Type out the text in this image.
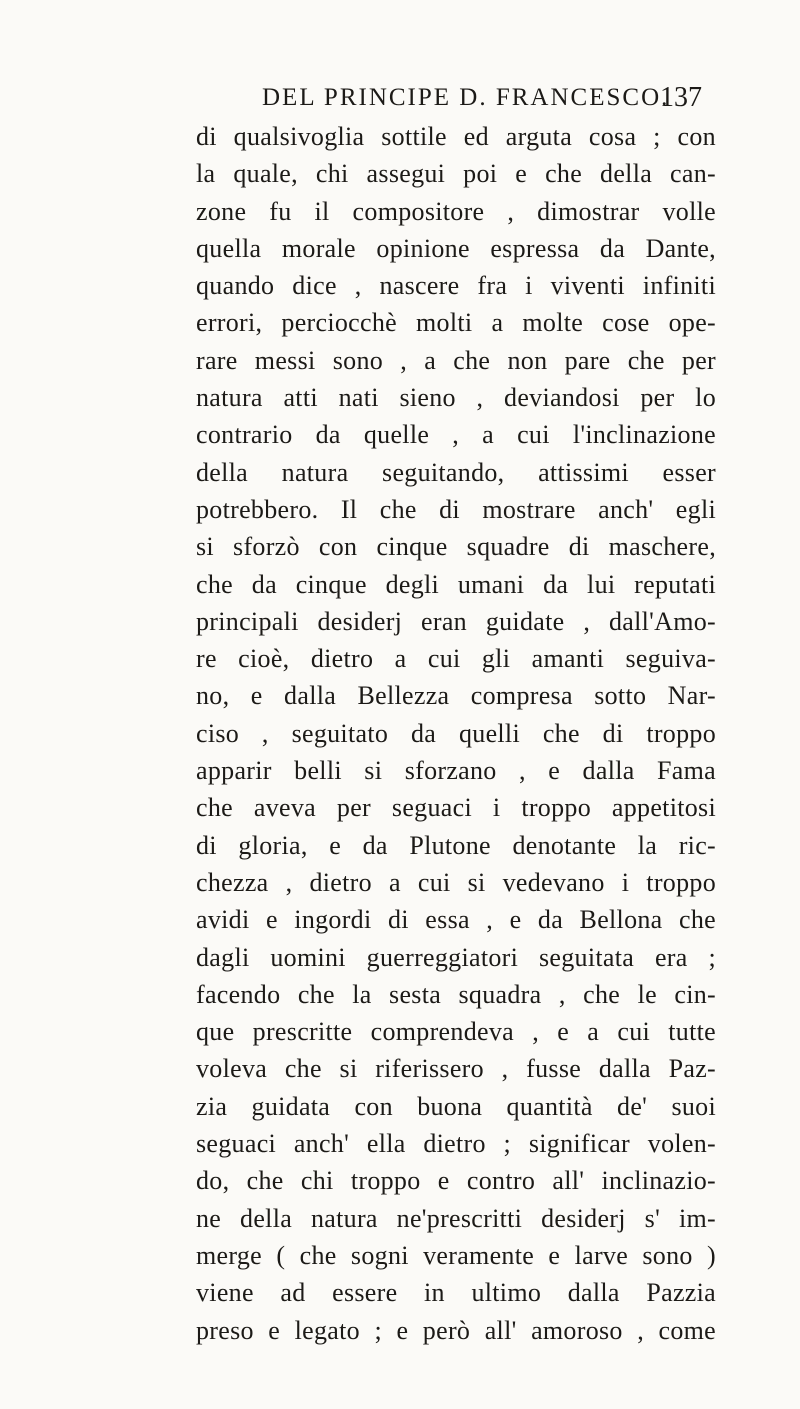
DEL PRINCIPE D. FRANCESCO.
137
di qualsivoglia sottile ed arguta cosa ; con
la quale, chi assegui poi e che della can-
zone fu il compositore , dimostrar volle
quella morale opinione espressa da Dante,
quando dice , nascere fra i viventi infiniti
errori, perciocchè molti a molte cose ope-
rare messi sono , a che non pare che per
natura atti nati sieno , deviandosi per lo
contrario da quelle , a cui l'inclinazione
della natura seguitando, attissimi esser
potrebbero. Il che di mostrare anch' egli
si sforzò con cinque squadre di maschere,
che da cinque degli umani da lui reputati
principali desiderj eran guidate , dall'Amo-
re cioè, dietro a cui gli amanti seguiva-
no, e dalla Bellezza compresa sotto Nar-
ciso , seguitato da quelli che di troppo
apparir belli si sforzano , e dalla Fama
che aveva per seguaci i troppo appetitosi
di gloria, e da Plutone denotante la ric-
chezza , dietro a cui si vedevano i troppo
avidi e ingordi di essa , e da Bellona che
dagli uomini guerreggiatori seguitata era ;
facendo che la sesta squadra , che le cin-
que prescritte comprendeva , e a cui tutte
voleva che si riferissero , fusse dalla Paz-
zia guidata con buona quantità de' suoi
seguaci anch' ella dietro ; significar volen-
do, che chi troppo e contro all' inclinazio-
ne della natura ne'prescritti desiderj s' im-
merge ( che sogni veramente e larve sono )
viene ad essere in ultimo dalla Pazzia
preso e legato ; e però all' amoroso , come
